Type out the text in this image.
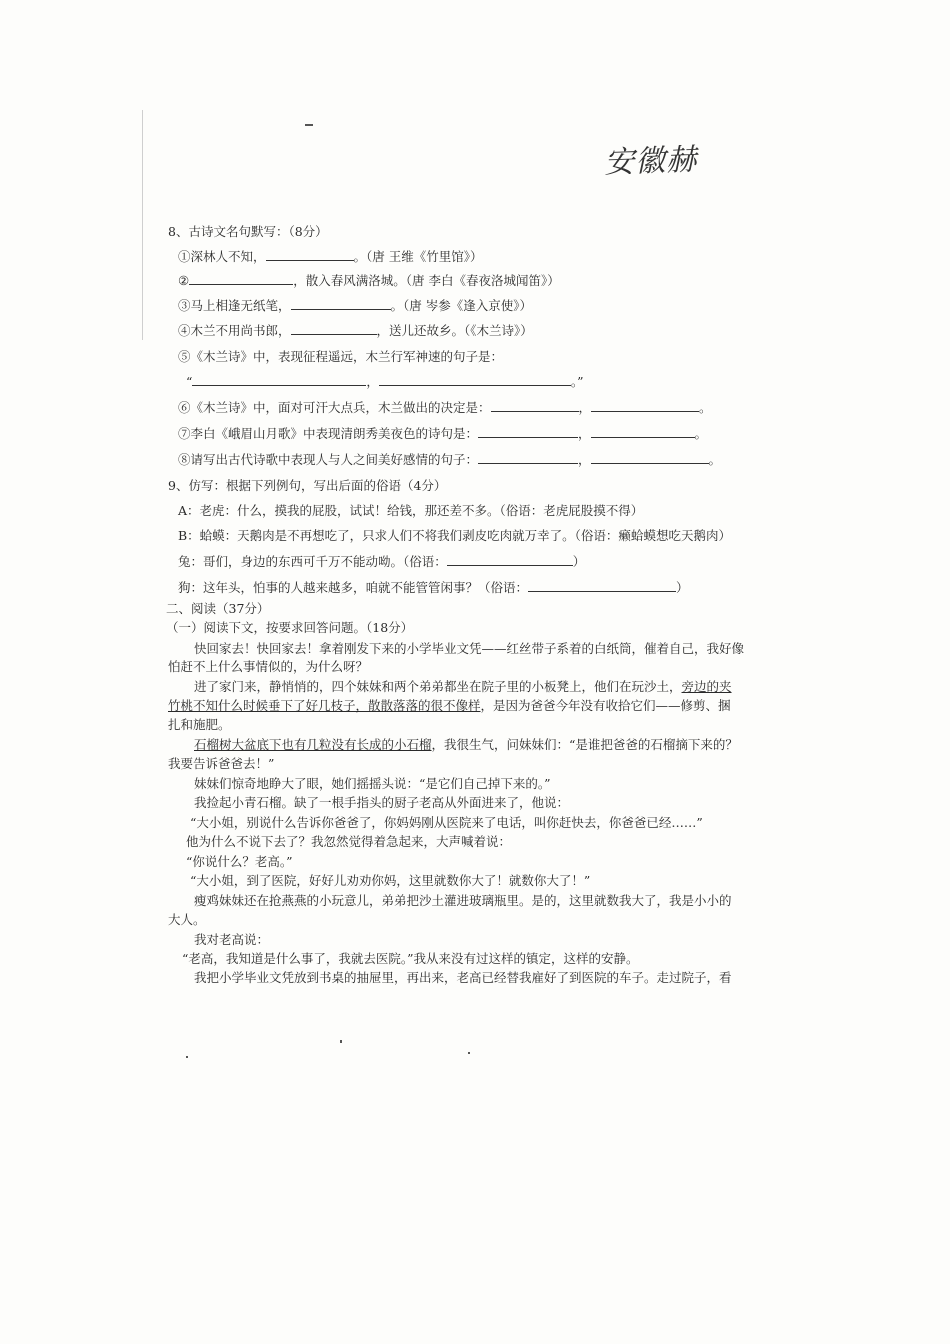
安徽赫
8、古诗文名句默写：（8分）
①深林人不知，	。（唐 王维《竹里馆》）
②	，散入春风满洛城。（唐 李白《春夜洛城闻笛》）
③马上相逢无纸笔，	。（唐 岑参《逢入京使》）
④木兰不用尚书郎，	，送儿还故乡。（《木兰诗》）
⑤《木兰诗》中，表现征程遥远，木兰行军神速的句子是：
“	，	。”
⑥《木兰诗》中，面对可汗大点兵，木兰做出的决定是：	，	。
⑦李白《峨眉山月歌》中表现清朗秀美夜色的诗句是：	，	。
⑧请写出古代诗歌中表现人与人之间美好感情的句子：	，	。
9、仿写：根据下列例句，写出后面的俗语（4分）
A：老虎：什么，摸我的屁股，试试！给钱，那还差不多。（俗语：老虎屁股摸不得）
B：蛤蟆：天鹅肉是不再想吃了，只求人们不将我们剥皮吃肉就万幸了。（俗语：癞蛤蟆想吃天鹅肉）
兔：哥们，身边的东西可千万不能动呦。（俗语：	）
狗：这年头，怕事的人越来越多，咱就不能管管闲事？（俗语：	）
二、阅读（37分）
（一）阅读下文，按要求回答问题。（18分）
快回家去！快回家去！拿着刚发下来的小学毕业文凭——红丝带子系着的白纸筒，催着自己，我好像
怕赶不上什么事情似的，为什么呀？
进了家门来，静悄悄的，四个妹妹和两个弟弟都坐在院子里的小板凳上，他们在玩沙土，旁边的夹
竹桃不知什么时候垂下了好几枝子，散散落落的很不像样，是因为爸爸今年没有收拾它们——修剪、捆
扎和施肥。
石榴树大盆底下也有几粒没有长成的小石榴，我很生气，问妹妹们：“是谁把爸爸的石榴摘下来的？
我要告诉爸爸去！”
妹妹们惊奇地睁大了眼，她们摇摇头说：“是它们自己掉下来的。”
我捡起小青石榴。缺了一根手指头的厨子老高从外面进来了，他说：
“大小姐，别说什么告诉你爸爸了，你妈妈刚从医院来了电话，叫你赶快去，你爸爸已经……”
他为什么不说下去了？我忽然觉得着急起来，大声喊着说：
“你说什么？老高。”
“大小姐，到了医院，好好儿劝劝你妈，这里就数你大了！就数你大了！”
瘦鸡妹妹还在抢燕燕的小玩意儿，弟弟把沙土灌进玻璃瓶里。是的，这里就数我大了，我是小小的
大人。
我对老高说：
“老高，我知道是什么事了，我就去医院。”我从来没有过这样的镇定，这样的安静。
我把小学毕业文凭放到书桌的抽屉里，再出来，老高已经替我雇好了到医院的车子。走过院子，看
